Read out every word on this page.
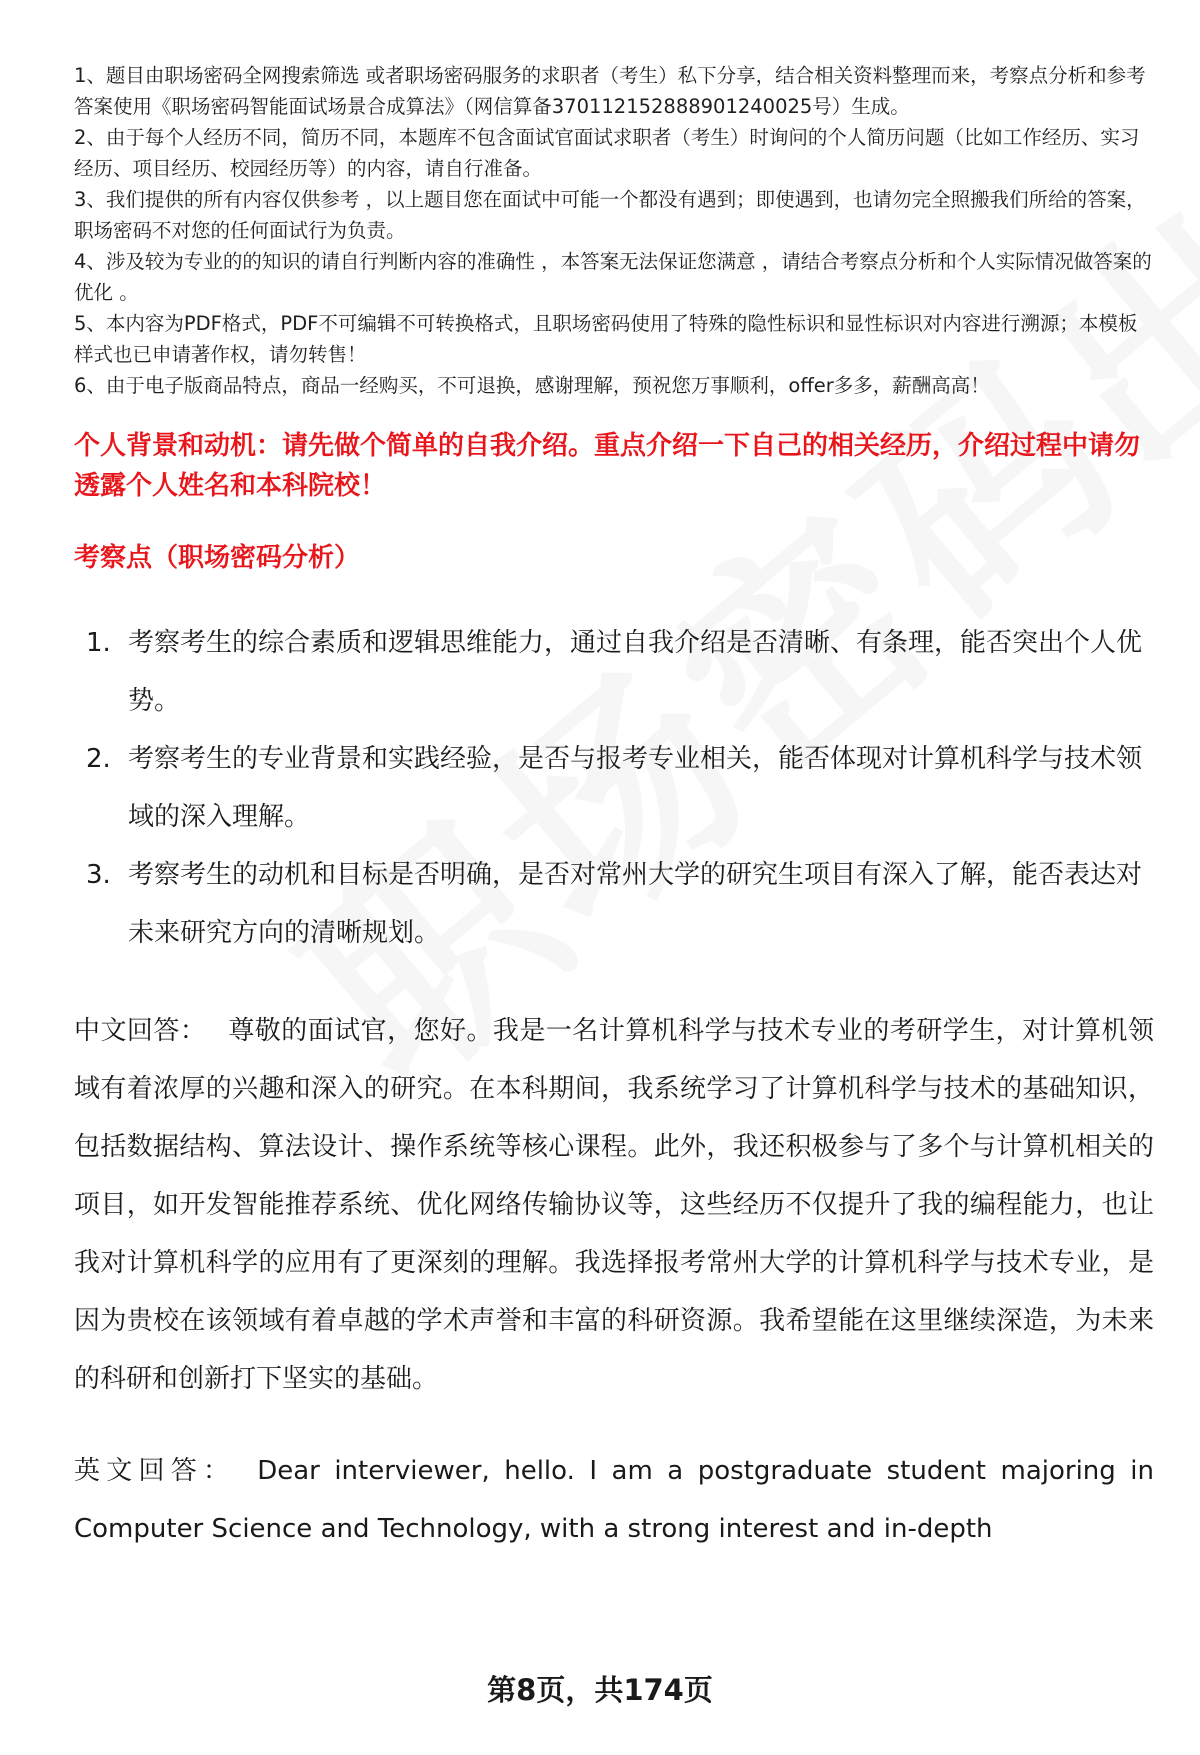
1、题目由职场密码全网搜索筛选 或者职场密码服务的求职者（考生）私下分享，结合相关资料整理而来，考察点分析和参考答案使用《职场密码智能面试场景合成算法》（网信算备370112152888901240025号）生成。

2、由于每个人经历不同，简历不同，本题库不包含面试官面试求职者（考生）时询问的个人简历问题（比如工作经历、实习经历、项目经历、校园经历等）的内容，请自行准备。

3、我们提供的所有内容仅供参考 ，以上题目您在面试中可能一个都没有遇到；即使遇到，也请勿完全照搬我们所给的答案，职场密码不对您的任何面试行为负责。

4、涉及较为专业的的知识的请自行判断内容的准确性 ，本答案无法保证您满意 ，请结合考察点分析和个人实际情况做答案的优化 。

5、本内容为PDF格式，PDF不可编辑不可转换格式，且职场密码使用了特殊的隐性标识和显性标识对内容进行溯源；本模板样式也已申请著作权，请勿转售！

6、由于电子版商品特点，商品一经购买，不可退换，感谢理解，预祝您万事顺利，offer多多，薪酬高高！

个人背景和动机：请先做个简单的自我介绍。重点介绍一下自己的相关经历，介绍过程中请勿透露个人姓名和本科院校！

考察点（职场密码分析）

1. 考察考生的综合素质和逻辑思维能力，通过自我介绍是否清晰、有条理，能否突出个人优势。
2. 考察考生的专业背景和实践经验，是否与报考专业相关，能否体现对计算机科学与技术领域的深入理解。
3. 考察考生的动机和目标是否明确，是否对常州大学的研究生项目有深入了解，能否表达对未来研究方向的清晰规划。

中文回答： 尊敬的面试官，您好。我是一名计算机科学与技术专业的考研学生，对计算机领域有着浓厚的兴趣和深入的研究。在本科期间，我系统学习了计算机科学与技术的基础知识，包括数据结构、算法设计、操作系统等核心课程。此外，我还积极参与了多个与计算机相关的项目，如开发智能推荐系统、优化网络传输协议等，这些经历不仅提升了我的编程能力，也让我对计算机科学的应用有了更深刻的理解。我选择报考常州大学的计算机科学与技术专业，是因为贵校在该领域有着卓越的学术声誉和丰富的科研资源。我希望能在这里继续深造，为未来的科研和创新打下坚实的基础。

英文回答： Dear interviewer, hello. I am a postgraduate student majoring in Computer Science and Technology, with a strong interest and in-depth

第8页，共174页
